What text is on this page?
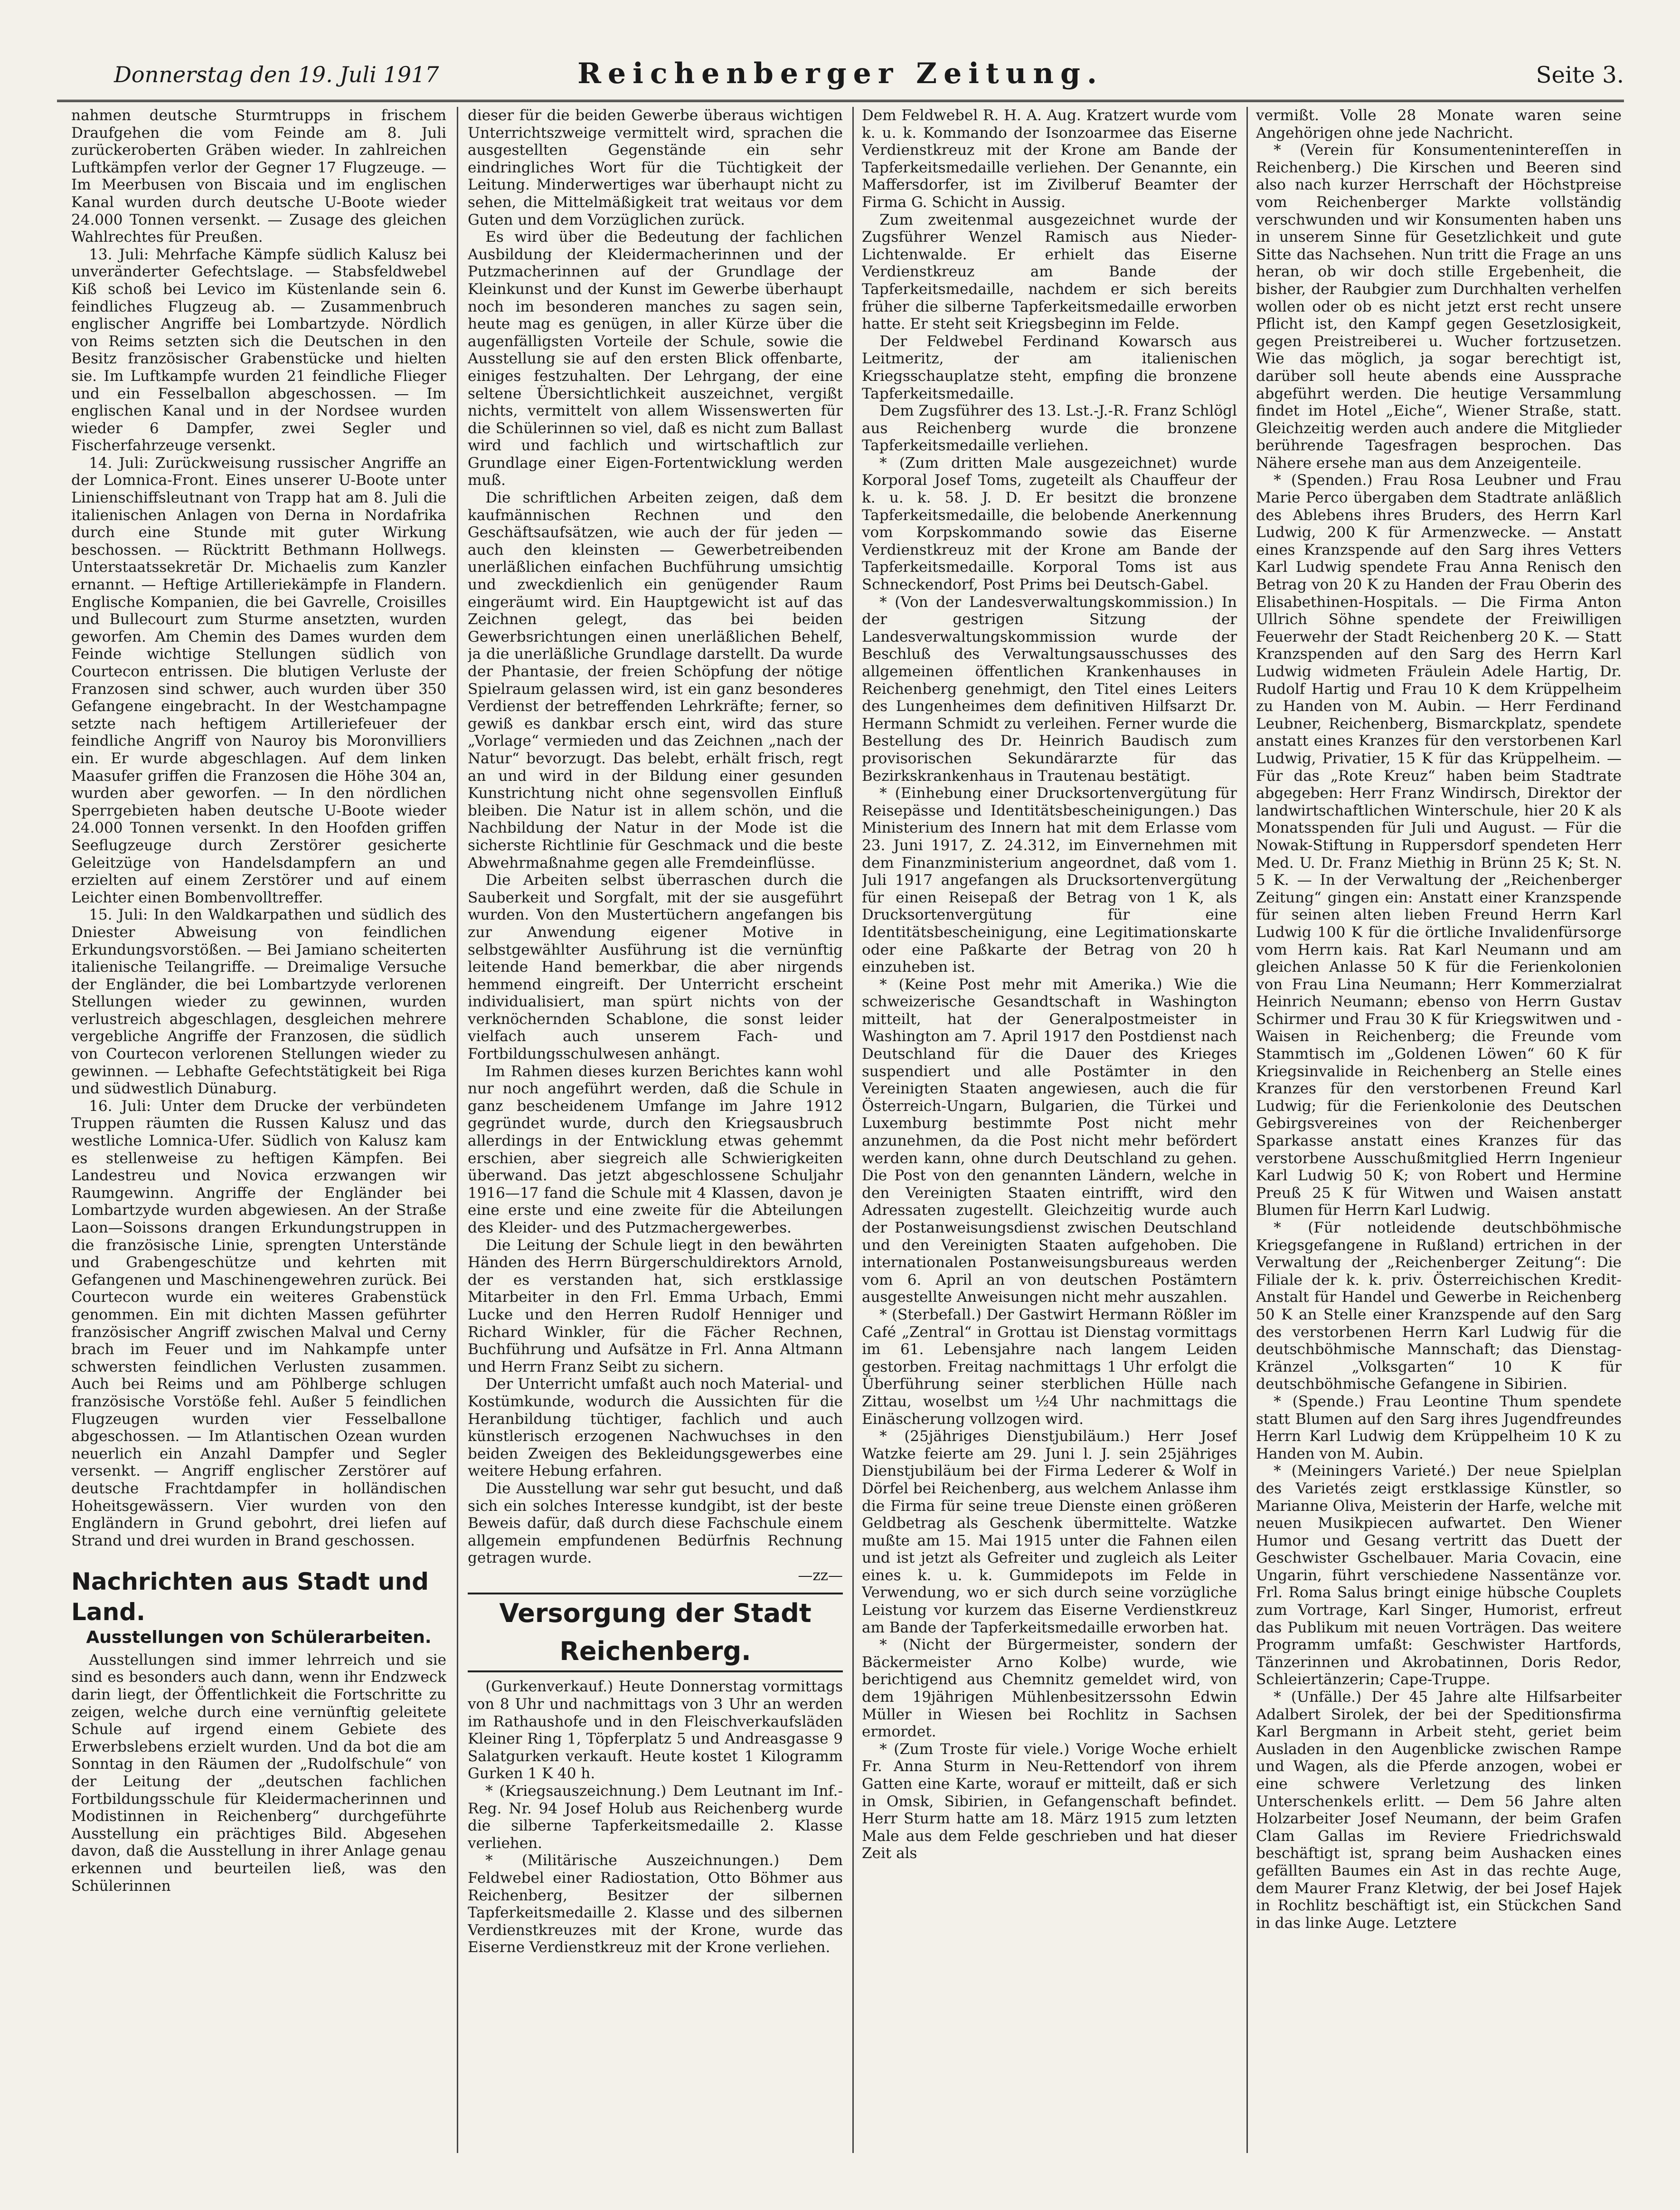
Donnerstag den 19. Juli 1917	Reichenberger Zeitung.	Seite 3.

nahmen deutsche Sturmtrupps in frischem Draufgehen die vom Feinde am 8. Juli zurückeroberten Gräben wieder. In zahlreichen Luftkämpfen verlor der Gegner 17 Flugzeuge. — Im Meerbusen von Biscaia und im englischen Kanal wurden durch deutsche U-Boote wieder 24.000 Tonnen versenkt. — Zusage des gleichen Wahlrechtes für Preußen.

13. Juli: Mehrfache Kämpfe südlich Kalusz bei unveränderter Gefechtslage. — Stabsfeldwebel Kiß schoß bei Levico im Küstenlande sein 6. feindliches Flugzeug ab. — Zusammenbruch englischer Angriffe bei Lombartzyde. Nördlich von Reims setzten sich die Deutschen in den Besitz französischer Grabenstücke und hielten sie. Im Luftkampfe wurden 21 feindliche Flieger und ein Fesselballon abgeschossen. — Im englischen Kanal und in der Nordsee wurden wieder 6 Dampfer, zwei Segler und Fischerfahrzeuge versenkt.

14. Juli: Zurückweisung russischer Angriffe an der Lomnica-Front. Eines unserer U-Boote unter Linienschiffsleutnant von Trapp hat am 8. Juli die italienischen Anlagen von Derna in Nordafrika durch eine Stunde mit guter Wirkung beschossen. — Rücktritt Bethmann Hollwegs. Unterstaatssekretär Dr. Michaelis zum Kanzler ernannt. — Heftige Artilleriekämpfe in Flandern. Englische Kompanien, die bei Gavrelle, Croisilles und Bullecourt zum Sturme ansetzten, wurden geworfen. Am Chemin des Dames wurden dem Feinde wichtige Stellungen südlich von Courtecon entrissen. Die blutigen Verluste der Franzosen sind schwer, auch wurden über 350 Gefangene eingebracht. In der Westchampagne setzte nach heftigem Artilleriefeuer der feindliche Angriff von Nauroy bis Moronvilliers ein. Er wurde abgeschlagen. Auf dem linken Maasufer griffen die Franzosen die Höhe 304 an, wurden aber geworfen. — In den nördlichen Sperrgebieten haben deutsche U-Boote wieder 24.000 Tonnen versenkt. In den Hoofden griffen Seeflugzeuge durch Zerstörer gesicherte Geleitzüge von Handelsdampfern an und erzielten auf einem Zerstörer und auf einem Leichter einen Bombenvolltreffer.

15. Juli: In den Waldkarpathen und südlich des Dniester Abweisung von feindlichen Erkundungsvorstößen. — Bei Jamiano scheiterten italienische Teilangriffe. — Dreimalige Versuche der Engländer, die bei Lombartzyde verlorenen Stellungen wieder zu gewinnen, wurden verlustreich abgeschlagen, desgleichen mehrere vergebliche Angriffe der Franzosen, die südlich von Courtecon verlorenen Stellungen wieder zu gewinnen. — Lebhafte Gefechtstätigkeit bei Riga und südwestlich Dünaburg.

16. Juli: Unter dem Drucke der verbündeten Truppen räumten die Russen Kalusz und das westliche Lomnica-Ufer. Südlich von Kalusz kam es stellenweise zu heftigen Kämpfen. Bei Landestreu und Novica erzwangen wir Raumgewinn. Angriffe der Engländer bei Lombartzyde wurden abgewiesen. An der Straße Laon—Soissons drangen Erkundungstruppen in die französische Linie, sprengten Unterstände und Grabengeschütze und kehrten mit Gefangenen und Maschinengewehren zurück. Bei Courtecon wurde ein weiteres Grabenstück genommen. Ein mit dichten Massen geführter französischer Angriff zwischen Malval und Cerny brach im Feuer und im Nahkampfe unter schwersten feindlichen Verlusten zusammen. Auch bei Reims und am Pöhlberge schlugen französische Vorstöße fehl. Außer 5 feindlichen Flugzeugen wurden vier Fesselballone abgeschossen. — Im Atlantischen Ozean wurden neuerlich ein Anzahl Dampfer und Segler versenkt. — Angriff englischer Zerstörer auf deutsche Frachtdampfer in holländischen Hoheitsgewässern. Vier wurden von den Engländern in Grund gebohrt, drei liefen auf Strand und drei wurden in Brand geschossen.

Nachrichten aus Stadt und Land.
Ausstellungen von Schülerarbeiten.

Ausstellungen sind immer lehrreich und sie sind es besonders auch dann, wenn ihr Endzweck darin liegt, der Öffentlichkeit die Fortschritte zu zeigen, welche durch eine vernünftig geleitete Schule auf irgend einem Gebiete des Erwerbslebens erzielt wurden. Und da bot die am Sonntag in den Räumen der „Rudolfschule“ von der Leitung der „deutschen fachlichen Fortbildungsschule für Kleidermacherinnen und Modistinnen in Reichenberg“ durchgeführte Ausstellung ein prächtiges Bild. Abgesehen davon, daß die Ausstellung in ihrer Anlage genau erkennen und beurteilen ließ, was den Schülerinnen

dieser für die beiden Gewerbe überaus wichtigen Unterrichtszweige vermittelt wird, sprachen die ausgestellten Gegenstände ein sehr eindringliches Wort für die Tüchtigkeit der Leitung. Minderwertiges war überhaupt nicht zu sehen, die Mittelmäßigkeit trat weitaus vor dem Guten und dem Vorzüglichen zurück.

Es wird über die Bedeutung der fachlichen Ausbildung der Kleidermacherinnen und der Putzmacherinnen auf der Grundlage der Kleinkunst und der Kunst im Gewerbe überhaupt noch im besonderen manches zu sagen sein, heute mag es genügen, in aller Kürze über die augenfälligsten Vorteile der Schule, sowie die Ausstellung sie auf den ersten Blick offenbarte, einiges festzuhalten. Der Lehrgang, der eine seltene Übersichtlichkeit auszeichnet, vergißt nichts, vermittelt von allem Wissenswerten für die Schülerinnen so viel, daß es nicht zum Ballast wird und fachlich und wirtschaftlich zur Grundlage einer Eigen-Fortentwicklung werden muß.

Die schriftlichen Arbeiten zeigen, daß dem kaufmännischen Rechnen und den Geschäftsaufsätzen, wie auch der für jeden — auch den kleinsten — Gewerbetreibenden unerläßlichen einfachen Buchführung umsichtig und zweckdienlich ein genügender Raum eingeräumt wird. Ein Hauptgewicht ist auf das Zeichnen gelegt, das bei beiden Gewerbsrichtungen einen unerläßlichen Behelf, ja die unerläßliche Grundlage darstellt. Da wurde der Phantasie, der freien Schöpfung der nötige Spielraum gelassen wird, ist ein ganz besonderes Verdienst der betreffenden Lehrkräfte; ferner, so gewiß es dankbar ersch eint, wird das sture „Vorlage“ vermieden und das Zeichnen „nach der Natur“ bevorzugt. Das belebt, erhält frisch, regt an und wird in der Bildung einer gesunden Kunstrichtung nicht ohne segensvollen Einfluß bleiben. Die Natur ist in allem schön, und die Nachbildung der Natur in der Mode ist die sicherste Richtlinie für Geschmack und die beste Abwehrmaßnahme gegen alle Fremdeinflüsse.

Die Arbeiten selbst überraschen durch die Sauberkeit und Sorgfalt, mit der sie ausgeführt wurden. Von den Mustertüchern angefangen bis zur Anwendung eigener Motive in selbstgewählter Ausführung ist die vernünftig leitende Hand bemerkbar, die aber nirgends hemmend eingreift. Der Unterricht erscheint individualisiert, man spürt nichts von der verknöchernden Schablone, die sonst leider vielfach auch unserem Fach- und Fortbildungsschulwesen anhängt.

Im Rahmen dieses kurzen Berichtes kann wohl nur noch angeführt werden, daß die Schule in ganz bescheidenem Umfange im Jahre 1912 gegründet wurde, durch den Kriegsausbruch allerdings in der Entwicklung etwas gehemmt erschien, aber siegreich alle Schwierigkeiten überwand. Das jetzt abgeschlossene Schuljahr 1916—17 fand die Schule mit 4 Klassen, davon je eine erste und eine zweite für die Abteilungen des Kleider- und des Putzmachergewerbes.

Die Leitung der Schule liegt in den bewährten Händen des Herrn Bürgerschuldirektors Arnold, der es verstanden hat, sich erstklassige Mitarbeiter in den Frl. Emma Urbach, Emmi Lucke und den Herren Rudolf Henniger und Richard Winkler, für die Fächer Rechnen, Buchführung und Aufsätze in Frl. Anna Altmann und Herrn Franz Seibt zu sichern.

Der Unterricht umfaßt auch noch Material- und Kostümkunde, wodurch die Aussichten für die Heranbildung tüchtiger, fachlich und auch künstlerisch erzogenen Nachwuchses in den beiden Zweigen des Bekleidungsgewerbes eine weitere Hebung erfahren.

Die Ausstellung war sehr gut besucht, und daß sich ein solches Interesse kundgibt, ist der beste Beweis dafür, daß durch diese Fachschule einem allgemein empfundenen Bedürfnis Rechnung getragen wurde.

—zz—
Versorgung der Stadt Reichenberg.

(Gurkenverkauf.) Heute Donnerstag vormittags von 8 Uhr und nachmittags von 3 Uhr an werden im Rathaushofe und in den Fleischverkaufsläden Kleiner Ring 1, Töpferplatz 5 und Andreasgasse 9 Salatgurken verkauft. Heute kostet 1 Kilogramm Gurken 1 K 40 h.

* (Kriegsauszeichnung.) Dem Leutnant im Inf.-Reg. Nr. 94 Josef Holub aus Reichenberg wurde die silberne Tapferkeitsmedaille 2. Klasse verliehen.

* (Militärische Auszeichnungen.) Dem Feldwebel einer Radiostation, Otto Böhmer aus Reichenberg, Besitzer der silbernen Tapferkeitsmedaille 2. Klasse und des silbernen Verdienstkreuzes mit der Krone, wurde das Eiserne Verdienstkreuz mit der Krone verliehen.

Dem Feldwebel R. H. A. Aug. Kratzert wurde vom k. u. k. Kommando der Isonzoarmee das Eiserne Verdienstkreuz mit der Krone am Bande der Tapferkeitsmedaille verliehen. Der Genannte, ein Maffersdorfer, ist im Zivilberuf Beamter der Firma G. Schicht in Aussig.

Zum zweitenmal ausgezeichnet wurde der Zugsführer Wenzel Ramisch aus Nieder-Lichtenwalde. Er erhielt das Eiserne Verdienstkreuz am Bande der Tapferkeitsmedaille, nachdem er sich bereits früher die silberne Tapferkeitsmedaille erworben hatte. Er steht seit Kriegsbeginn im Felde.

Der Feldwebel Ferdinand Kowarsch aus Leitmeritz, der am italienischen Kriegsschauplatze steht, empfing die bronzene Tapferkeitsmedaille.

Dem Zugsführer des 13. Lst.-J.-R. Franz Schlögl aus Reichenberg wurde die bronzene Tapferkeitsmedaille verliehen.

* (Zum dritten Male ausgezeichnet) wurde Korporal Josef Toms, zugeteilt als Chauffeur der k. u. k. 58. J. D. Er besitzt die bronzene Tapferkeitsmedaille, die belobende Anerkennung vom Korpskommando sowie das Eiserne Verdienstkreuz mit der Krone am Bande der Tapferkeitsmedaille. Korporal Toms ist aus Schneckendorf, Post Prims bei Deutsch-Gabel.

* (Von der Landesverwaltungskommission.) In der gestrigen Sitzung der Landesverwaltungskommission wurde der Beschluß des Verwaltungsausschusses des allgemeinen öffentlichen Krankenhauses in Reichenberg genehmigt, den Titel eines Leiters des Lungenheimes dem definitiven Hilfsarzt Dr. Hermann Schmidt zu verleihen. Ferner wurde die Bestellung des Dr. Heinrich Baudisch zum provisorischen Sekundärarzte für das Bezirkskrankenhaus in Trautenau bestätigt.

* (Einhebung einer Drucksortenvergütung für Reisepässe und Identitätsbescheinigungen.) Das Ministerium des Innern hat mit dem Erlasse vom 23. Juni 1917, Z. 24.312, im Einvernehmen mit dem Finanzministerium angeordnet, daß vom 1. Juli 1917 angefangen als Drucksortenvergütung für einen Reisepaß der Betrag von 1 K, als Drucksortenvergütung für eine Identitätsbescheinigung, eine Legitimationskarte oder eine Paßkarte der Betrag von 20 h einzuheben ist.

* (Keine Post mehr mit Amerika.) Wie die schweizerische Gesandtschaft in Washington mitteilt, hat der Generalpostmeister in Washington am 7. April 1917 den Postdienst nach Deutschland für die Dauer des Krieges suspendiert und alle Postämter in den Vereinigten Staaten angewiesen, auch die für Österreich-Ungarn, Bulgarien, die Türkei und Luxemburg bestimmte Post nicht mehr anzunehmen, da die Post nicht mehr befördert werden kann, ohne durch Deutschland zu gehen. Die Post von den genannten Ländern, welche in den Vereinigten Staaten eintrifft, wird den Adressaten zugestellt. Gleichzeitig wurde auch der Postanweisungsdienst zwischen Deutschland und den Vereinigten Staaten aufgehoben. Die internationalen Postanweisungsbureaus werden vom 6. April an von deutschen Postämtern ausgestellte Anweisungen nicht mehr auszahlen.

* (Sterbefall.) Der Gastwirt Hermann Rößler im Café „Zentral“ in Grottau ist Dienstag vormittags im 61. Lebensjahre nach langem Leiden gestorben. Freitag nachmittags 1 Uhr erfolgt die Überführung seiner sterblichen Hülle nach Zittau, woselbst um ½4 Uhr nachmittags die Einäscherung vollzogen wird.

* (25jähriges Dienstjubiläum.) Herr Josef Watzke feierte am 29. Juni l. J. sein 25jähriges Dienstjubiläum bei der Firma Lederer & Wolf in Dörfel bei Reichenberg, aus welchem Anlasse ihm die Firma für seine treue Dienste einen größeren Geldbetrag als Geschenk übermittelte. Watzke mußte am 15. Mai 1915 unter die Fahnen eilen und ist jetzt als Gefreiter und zugleich als Leiter eines k. u. k. Gummidepots im Felde in Verwendung, wo er sich durch seine vorzügliche Leistung vor kurzem das Eiserne Verdienstkreuz am Bande der Tapferkeitsmedaille erworben hat.

* (Nicht der Bürgermeister, sondern der Bäckermeister Arno Kolbe) wurde, wie berichtigend aus Chemnitz gemeldet wird, von dem 19jährigen Mühlenbesitzerssohn Edwin Müller in Wiesen bei Rochlitz in Sachsen ermordet.

* (Zum Troste für viele.) Vorige Woche erhielt Fr. Anna Sturm in Neu-Rettendorf von ihrem Gatten eine Karte, worauf er mitteilt, daß er sich in Omsk, Sibirien, in Gefangenschaft befindet. Herr Sturm hatte am 18. März 1915 zum letzten Male aus dem Felde geschrieben und hat dieser Zeit als

vermißt. Volle 28 Monate waren seine Angehörigen ohne jede Nachricht.

* (Verein für Konsumentenintereſſen in Reichenberg.) Die Kirschen und Beeren sind also nach kurzer Herrschaft der Höchstpreise vom Reichenberger Markte vollständig verschwunden und wir Konsumenten haben uns in unserem Sinne für Gesetzlichkeit und gute Sitte das Nachsehen. Nun tritt die Frage an uns heran, ob wir doch stille Ergebenheit, die bisher, der Raubgier zum Durchhalten verhelfen wollen oder ob es nicht jetzt erst recht unsere Pflicht ist, den Kampf gegen Gesetzlosigkeit, gegen Preistreiberei u. Wucher fortzusetzen. Wie das möglich, ja sogar berechtigt ist, darüber soll heute abends eine Aussprache abgeführt werden. Die heutige Versammlung findet im Hotel „Eiche“, Wiener Straße, statt. Gleichzeitig werden auch andere die Mitglieder berührende Tagesfragen besprochen. Das Nähere ersehe man aus dem Anzeigenteile.

* (Spenden.) Frau Rosa Leubner und Frau Marie Perco übergaben dem Stadtrate anläßlich des Ablebens ihres Bruders, des Herrn Karl Ludwig, 200 K für Armenzwecke. — Anstatt eines Kranzspende auf den Sarg ihres Vetters Karl Ludwig spendete Frau Anna Renisch den Betrag von 20 K zu Handen der Frau Oberin des Elisabethinen-Hospitals. — Die Firma Anton Ullrich Söhne spendete der Freiwilligen Feuerwehr der Stadt Reichenberg 20 K. — Statt Kranzspenden auf den Sarg des Herrn Karl Ludwig widmeten Fräulein Adele Hartig, Dr. Rudolf Hartig und Frau 10 K dem Krüppelheim zu Handen von M. Aubin. — Herr Ferdinand Leubner, Reichenberg, Bismarckplatz, spendete anstatt eines Kranzes für den verstorbenen Karl Ludwig, Privatier, 15 K für das Krüppelheim. — Für das „Rote Kreuz“ haben beim Stadtrate abgegeben: Herr Franz Windirsch, Direktor der landwirtschaftlichen Winterschule, hier 20 K als Monatsspenden für Juli und August. — Für die Nowak-Stiftung in Ruppersdorf spendeten Herr Med. U. Dr. Franz Miethig in Brünn 25 K; St. N. 5 K. — In der Verwaltung der „Reichenberger Zeitung“ gingen ein: Anstatt einer Kranzspende für seinen alten lieben Freund Herrn Karl Ludwig 100 K für die örtliche Invalidenfürsorge vom Herrn kais. Rat Karl Neumann und am gleichen Anlasse 50 K für die Ferienkolonien von Frau Lina Neumann; Herr Kommerzialrat Heinrich Neumann; ebenso von Herrn Gustav Schirmer und Frau 30 K für Kriegswitwen und -Waisen in Reichenberg; die Freunde vom Stammtisch im „Goldenen Löwen“ 60 K für Kriegsinvalide in Reichenberg an Stelle eines Kranzes für den verstorbenen Freund Karl Ludwig; für die Ferienkolonie des Deutschen Gebirgsvereines von der Reichenberger Sparkasse anstatt eines Kranzes für das verstorbene Ausschußmitglied Herrn Ingenieur Karl Ludwig 50 K; von Robert und Hermine Preuß 25 K für Witwen und Waisen anstatt Blumen für Herrn Karl Ludwig.

* (Für notleidende deutschböhmische Kriegsgefangene in Rußland) ertrichen in der Verwaltung der „Reichenberger Zeitung“: Die Filiale der k. k. priv. Österreichischen Kredit-Anstalt für Handel und Gewerbe in Reichenberg 50 K an Stelle einer Kranzspende auf den Sarg des verstorbenen Herrn Karl Ludwig für die deutschböhmische Mannschaft; das Dienstag-Kränzel „Volksgarten“ 10 K für deutschböhmische Gefangene in Sibirien.

* (Spende.) Frau Leontine Thum spendete statt Blumen auf den Sarg ihres Jugendfreundes Herrn Karl Ludwig dem Krüppelheim 10 K zu Handen von M. Aubin.

* (Meiningers Varieté.) Der neue Spielplan des Varietés zeigt erstklassige Künstler, so Marianne Oliva, Meisterin der Harfe, welche mit neuen Musikpiecen aufwartet. Den Wiener Humor und Gesang vertritt das Duett der Geschwister Gschelbauer. Maria Covacin, eine Ungarin, führt verschiedene Nassentänze vor. Frl. Roma Salus bringt einige hübsche Couplets zum Vortrage, Karl Singer, Humorist, erfreut das Publikum mit neuen Vorträgen. Das weitere Programm umfaßt: Geschwister Hartfords, Tänzerinnen und Akrobatinnen, Doris Redor, Schleiertänzerin; Cape-Truppe.

* (Unfälle.) Der 45 Jahre alte Hilfsarbeiter Adalbert Sirolek, der bei der Speditionsfirma Karl Bergmann in Arbeit steht, geriet beim Ausladen in den Augenblicke zwischen Rampe und Wagen, als die Pferde anzogen, wobei er eine schwere Verletzung des linken Unterschenkels erlitt. — Dem 56 Jahre alten Holzarbeiter Josef Neumann, der beim Grafen Clam Gallas im Reviere Friedrichswald beschäftigt ist, sprang beim Aushacken eines gefällten Baumes ein Ast in das rechte Auge, dem Maurer Franz Kletwig, der bei Josef Hajek in Rochlitz beschäftigt ist, ein Stückchen Sand in das linke Auge. Letztere
